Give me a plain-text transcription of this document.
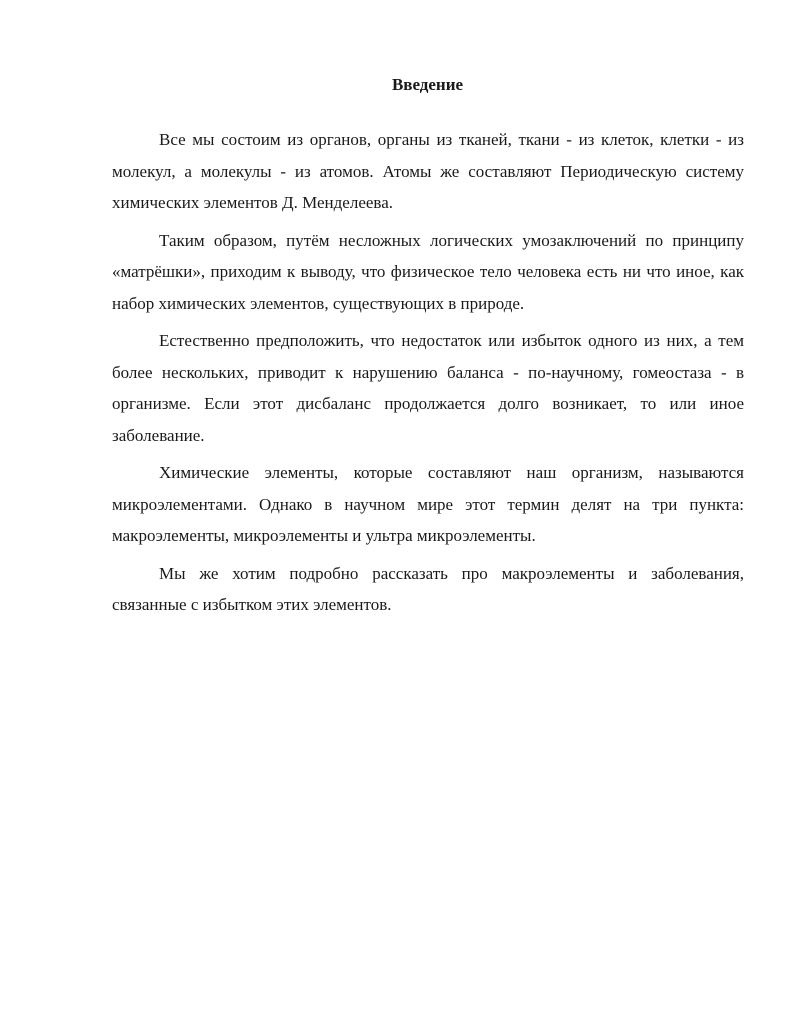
Введение

Все мы состоим из органов, органы из тканей, ткани - из клеток, клетки - из молекул, а молекулы - из атомов. Атомы же составляют Периодическую систему химических элементов Д. Менделеева.

Таким образом, путём несложных логических умозаключений по принципу «матрёшки», приходим к выводу, что физическое тело человека есть ни что иное, как набор химических элементов, существующих в природе.

Естественно предположить, что недостаток или избыток одного из них, а тем более нескольких, приводит к нарушению баланса - по-научному, гомеостаза - в организме. Если этот дисбаланс продолжается долго возникает, то или иное заболевание.

Химические элементы, которые составляют наш организм, называются микроэлементами. Однако в научном мире этот термин делят на три пункта: макроэлементы, микроэлементы и ультра микроэлементы.

Мы же хотим подробно рассказать про макроэлементы и заболевания, связанные с избытком этих элементов.
